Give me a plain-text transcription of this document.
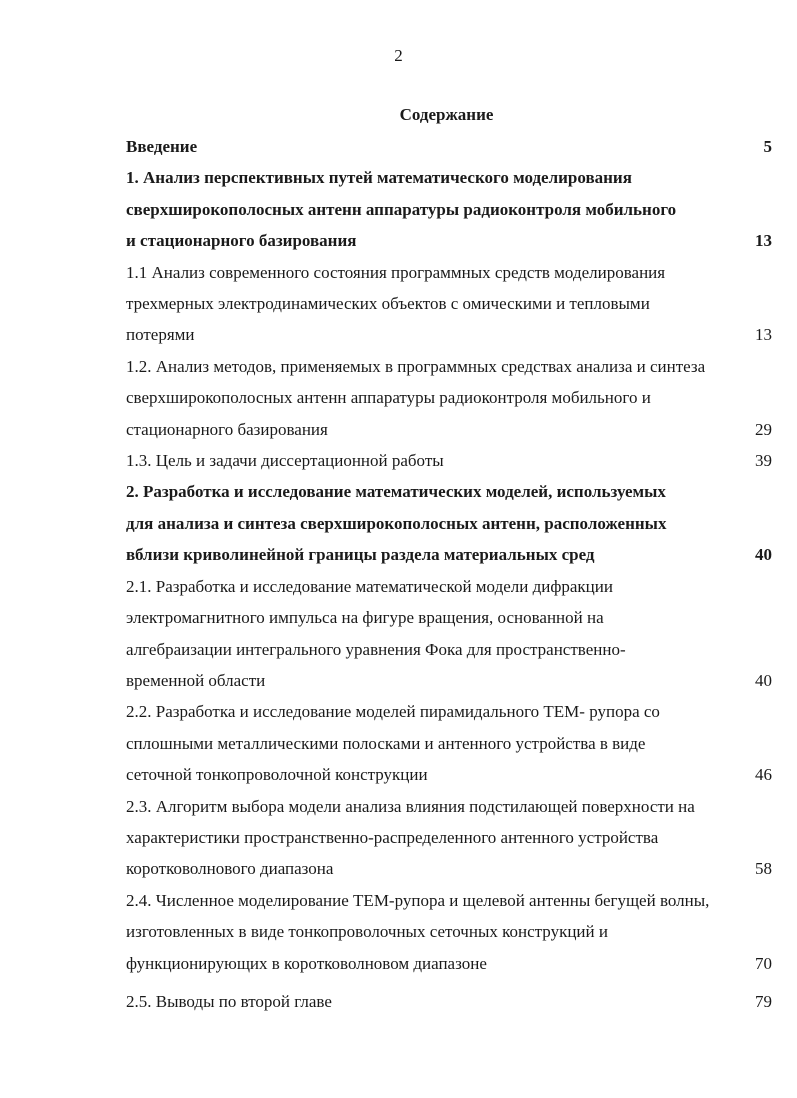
2
Содержание
Введение	5
1. Анализ перспективных путей математического моделирования
сверхширокополосных антенн аппаратуры радиоконтроля мобильного
и стационарного базирования	13
1.1 Анализ современного состояния программных средств моделирования
трехмерных электродинамических объектов с омическими и тепловыми
потерями	13
1.2. Анализ методов, применяемых в программных средствах анализа и синтеза
сверхширокополосных антенн аппаратуры радиоконтроля мобильного и
стационарного базирования	29
1.3. Цель и задачи диссертационной работы	39
2. Разработка и исследование математических моделей, используемых
для анализа и синтеза сверхширокополосных антенн, расположенных
вблизи криволинейной границы раздела материальных сред	40
2.1. Разработка и исследование математической модели дифракции
электромагнитного импульса на фигуре вращения, основанной на
алгебраизации интегрального уравнения Фока для пространственно-
временной области	40
2.2. Разработка и исследование моделей пирамидального ТЕМ- рупора со
сплошными металлическими полосками и антенного устройства в виде
сеточной тонкопроволочной конструкции	46
2.3. Алгоритм выбора модели анализа влияния подстилающей поверхности на
характеристики пространственно-распределенного антенного устройства
коротковолнового диапазона	58
2.4. Численное моделирование ТЕМ-рупора и щелевой антенны бегущей волны,
изготовленных в виде тонкопроволочных сеточных конструкций и
функционирующих в коротковолновом диапазоне	70
2.5. Выводы по второй главе	79
